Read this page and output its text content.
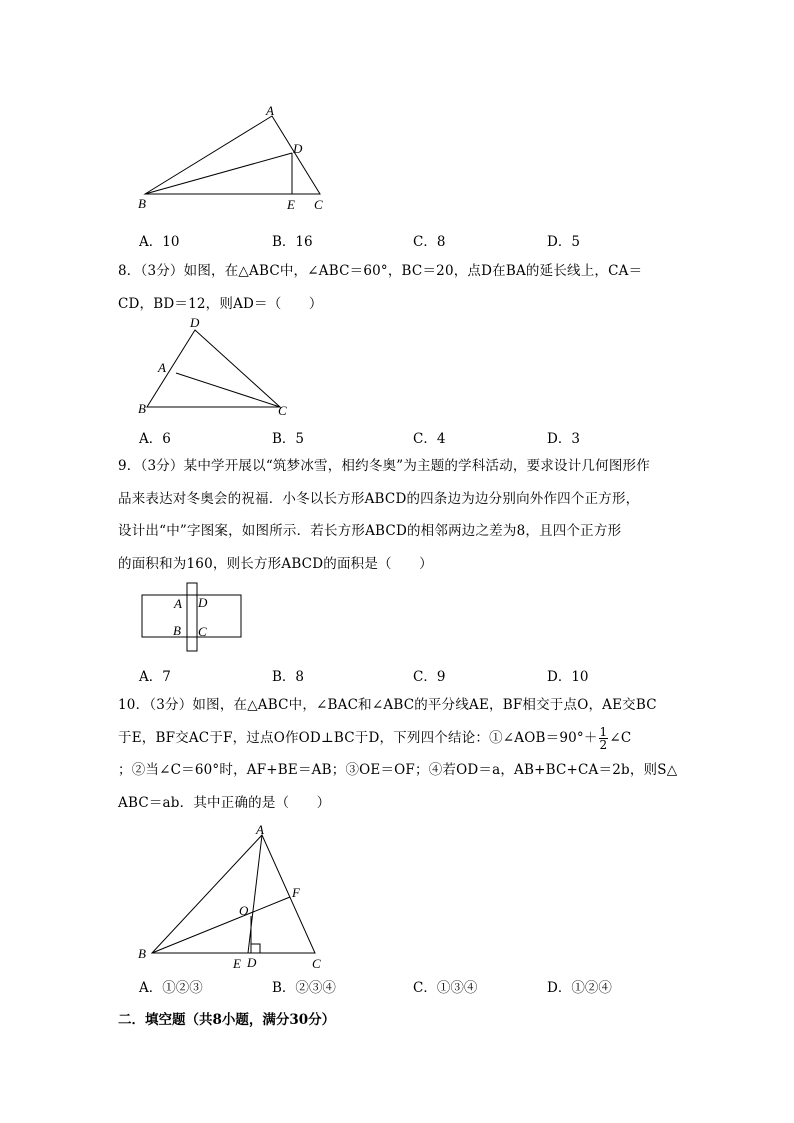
A
D
B	E C
A．10	B．16	C．8	D．5
8．（3分）如图，在△ABC中，∠ABC＝60°，BC＝20，点D在BA的延长线上，CA＝
CD，BD＝12，则AD＝（　　）
D
A
B	C
A．6	B．5	C．4	D．3
9．（3分）某中学开展以“筑梦冰雪，相约冬奥”为主题的学科活动，要求设计几何图形作
品来表达对冬奥会的祝福．小冬以长方形ABCD的四条边为边分别向外作四个正方形，
设计出“中”字图案，如图所示．若长方形ABCD的相邻两边之差为8，且四个正方形
的面积和为160，则长方形ABCD的面积是（　　）
A D
B C
A．7	B．8	C．9	D．10
10．（3分）如图，在△ABC中，∠BAC和∠ABC的平分线AE，BF相交于点O，AE交BC
于E，BF交AC于F，过点O作OD⊥BC于D，下列四个结论：①∠AOB＝90°＋ $\frac{1}{2}$ ∠C
；②当∠C＝60°时，AF+BE＝AB；③OE＝OF；④若OD＝a，AB+BC+CA＝2b，则S△
ABC＝ab．其中正确的是（　　）
A
F
O
B
C
E D
A．①②③	B．②③④	C．①③④	D．①②④
二．填空题（共8小题，满分30分）
